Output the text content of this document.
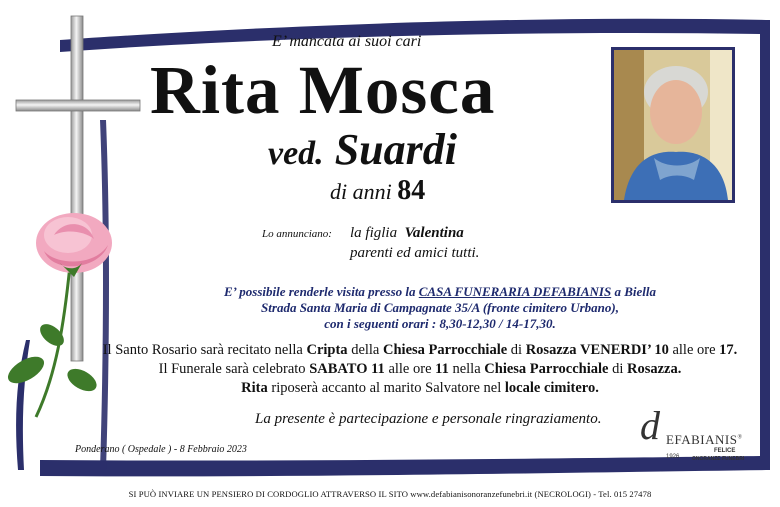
E’ mancata ai suoi cari
Rita Mosca
ved. Suardi
di anni 84
Lo annunciano: la figlia Valentina
parenti ed amici tutti.
E’ possibile renderle visita presso la CASA FUNERARIA DEFABIANIS a Biella
Strada Santa Maria di Campagnate 35/A (fronte cimitero Urbano),
con i seguenti orari : 8,30-12,30 / 14-17,30.
Il Santo Rosario sarà recitato nella Cripta della Chiesa Parrocchiale di Rosazza VENERDI’ 10 alle ore 17.
Il Funerale sarà celebrato SABATO 11 alle ore 11 nella Chiesa Parrocchiale di Rosazza.
Rita riposerà accanto al marito Salvatore nel locale cimitero.
La presente è partecipazione e personale ringraziamento.
Ponderano ( Ospedale ) - 8 Febbraio 2023
d EFABIANIS®
FELICE
ONORANZE FUNEBRI
1926
SI PUÒ INVIARE UN PENSIERO DI CORDOGLIO ATTRAVERSO IL SITO www.defabianisonoranzefunebri.it (NECROLOGI) - Tel. 015 27478
